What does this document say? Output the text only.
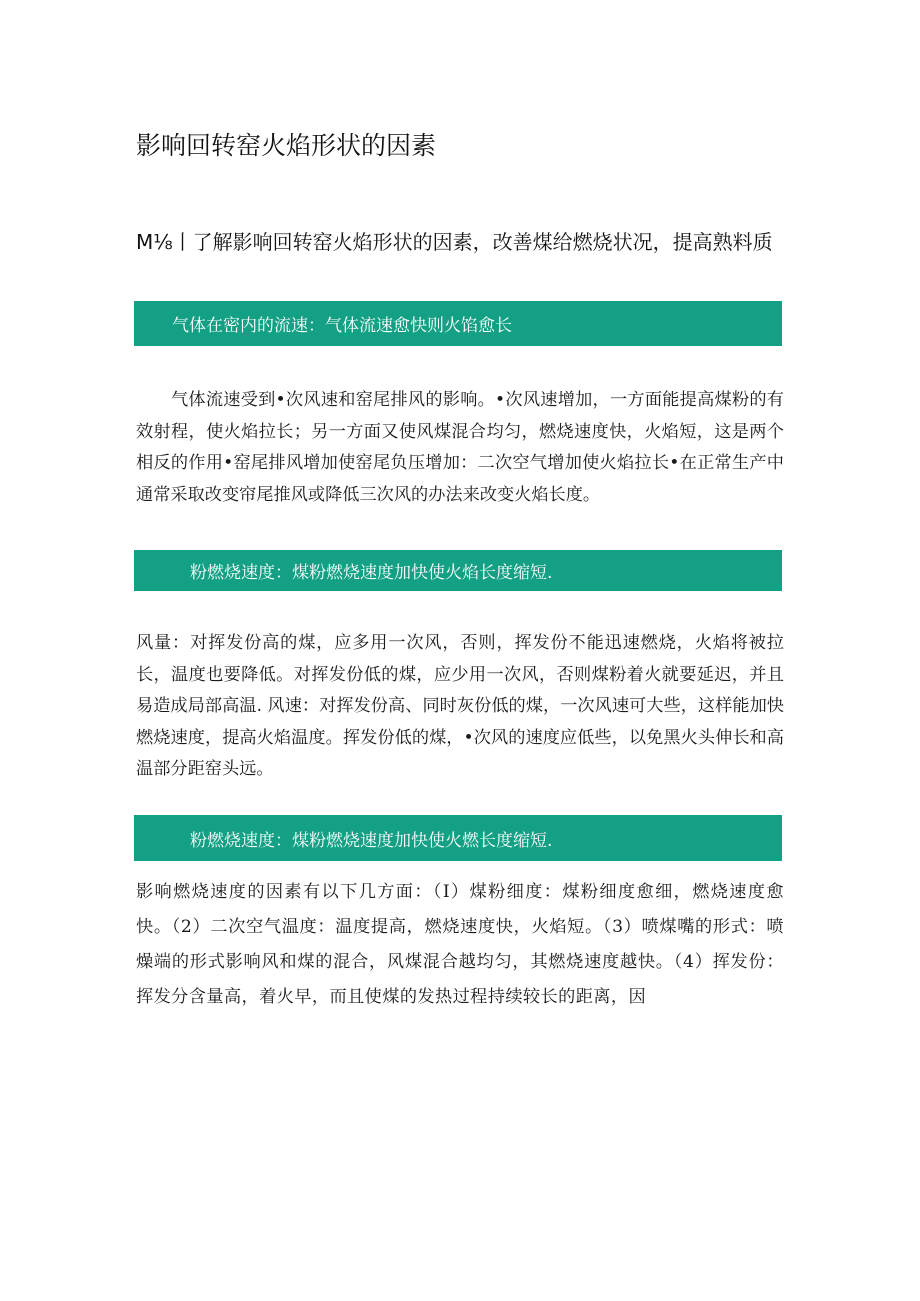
影响回转窑火焰形状的因素
M⅛丨了解影响回转窑火焰形状的因素，改善煤给燃烧状况，提高熟料质
气体在密内的流速：气体流速愈快则火馅愈长

气体流速受到•次风速和窑尾排风的影响。•次风速增加，一方面能提高煤粉的有效射程，使火焰拉长；另一方面又使风煤混合均匀，燃烧速度快，火焰短，这是两个相反的作用•窑尾排风增加使窑尾负压增加：二次空气增加使火焰拉长•在正常生产中通常采取改变帘尾推风或降低三次风的办法来改变火焰长度。

粉燃烧速度：煤粉燃烧速度加快使火焰长度缩短.

风量：对挥发份高的煤，应多用一次风，否则，挥发份不能迅速燃烧，火焰将被拉长，温度也要降低。对挥发份低的煤，应少用一次风，否则煤粉着火就要延迟，并且易造成局部高温. 风速：对挥发份高、同时灰份低的煤，一次风速可大些，这样能加快燃烧速度，提高火焰温度。挥发份低的煤，•次风的速度应低些，以免黑火头伸长和高温部分距窑头远。

粉燃烧速度：煤粉燃烧速度加快使火燃长度缩短.

影响燃烧速度的因素有以下几方面：（I）煤粉细度：煤粉细度愈细，燃烧速度愈快。（2）二次空气温度：温度提高，燃烧速度快，火焰短。（3）喷煤嘴的形式：喷燥端的形式影响风和煤的混合，风煤混合越均匀，其燃烧速度越快。（4）挥发份：挥发分含量高，着火早，而且使煤的发热过程持续较长的距离，因
